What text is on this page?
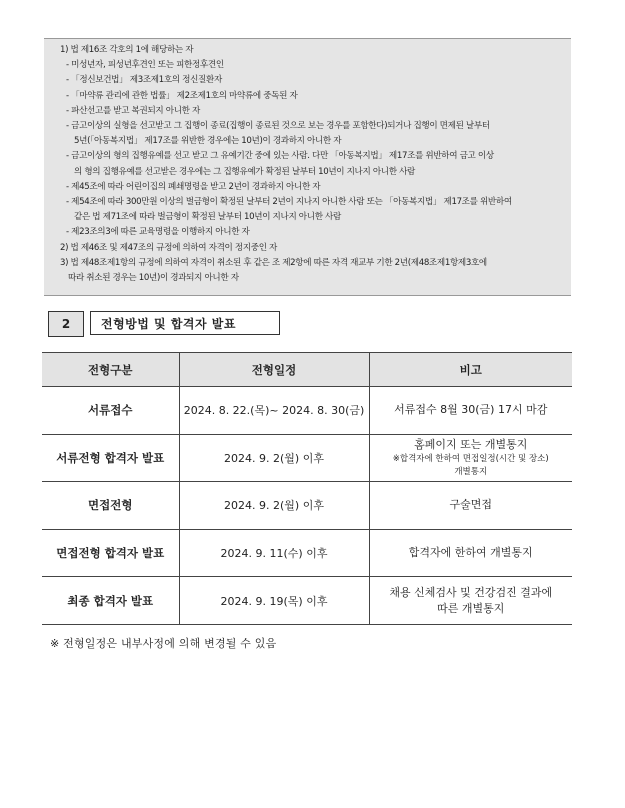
1) 법 제16조 각호의 1에 해당하는 자
- 미성년자, 피성년후견인 또는 피한정후견인
- 「정신보건법」 제3조제1호의 정신질환자
- 「마약류 관리에 관한 법률」 제2조제1호의 마약류에 중독된 자
- 파산선고를 받고 복권되지 아니한 자
- 금고이상의 실형을 선고받고 그 집행이 종료(집행이 종료된 것으로 보는 경우를 포함한다)되거나 집행이 면제된 날부터
5년(「아동복지법」 제17조를 위반한 경우에는 10년)이 경과하지 아니한 자
- 금고이상의 형의 집행유예를 선고 받고 그 유예기간 중에 있는 사람. 다만 「아동복지법」 제17조를 위반하여 금고 이상
의 형의 집행유예를 선고받은 경우에는 그 집행유예가 확정된 날부터 10년이 지나지 아니한 사람
- 제45조에 따라 어린이집의 폐쇄명령을 받고 2년이 경과하지 아니한 자
- 제54조에 따라 300만원 이상의 벌금형이 확정된 날부터 2년이 지나지 아니한 사람 또는 「아동복지법」 제17조를 위반하여
같은 법 제71조에 따라 벌금형이 확정된 날부터 10년이 지나지 아니한 사람
- 제23조의3에 따른 교육명령을 이행하지 아니한 자
2) 법 제46조 및 제47조의 규정에 의하여 자격이 정지중인 자
3) 법 제48조제1항의 규정에 의하여 자격이 취소된 후 같은 조 제2항에 따른 자격 재교부 기한 2년(제48조제1항제3호에
따라 취소된 경우는 10년)이 경과되지 아니한 자
2	전형방법 및 합격자 발표
전형구분	전형일정	비고
서류접수	2024. 8. 22.(목)~ 2024. 8. 30(금)	서류접수 8월 30(금) 17시 마감
서류전형 합격자 발표	2024. 9. 2(월) 이후	홈페이지 또는 개별통지
※합격자에 한하여 면접일정(시간 및 장소)
개별통지

면접전형	2024. 9. 2(월) 이후	구술면접
면접전형 합격자 발표	2024. 9. 11(수) 이후	합격자에 한하여 개별통지
최종 합격자 발표	2024. 9. 19(목) 이후	채용 신체검사 및 건강검진 결과에
따른 개별통지
※ 전형일정은 내부사정에 의해 변경될 수 있음
